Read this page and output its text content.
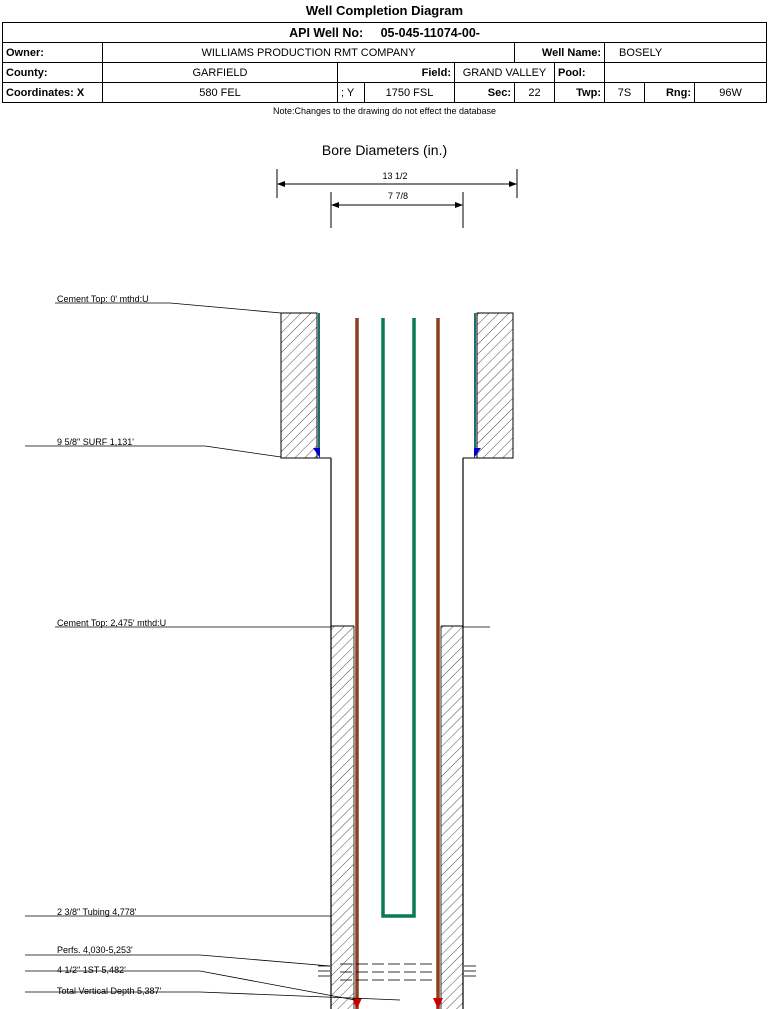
Well Completion Diagram
API Well No: 05-045-11074-00-									
Owner:	WILLIAMS PRODUCTION RMT COMPANY				Well Name:		BOSELY		
County:	GARFIELD	Field:		GRAND VALLEY		Pool:			
Coordinates: X	580 FEL	; Y	1750 FSL	Sec:	22	Twp:	7S	Rng:	96W
Note:Changes to the drawing do not effect the database
Bore Diameters (in.)
13 1/2
7 7/8
Cement Top: 0' mthd:U
9 5/8" SURF 1,131'
Cement Top: 2,475' mthd:U
2 3/8" Tubing 4,778'
Perfs. 4,030-5,253'
4 1/2" 1ST 5,482'
Total Vertical Depth 5,387'
